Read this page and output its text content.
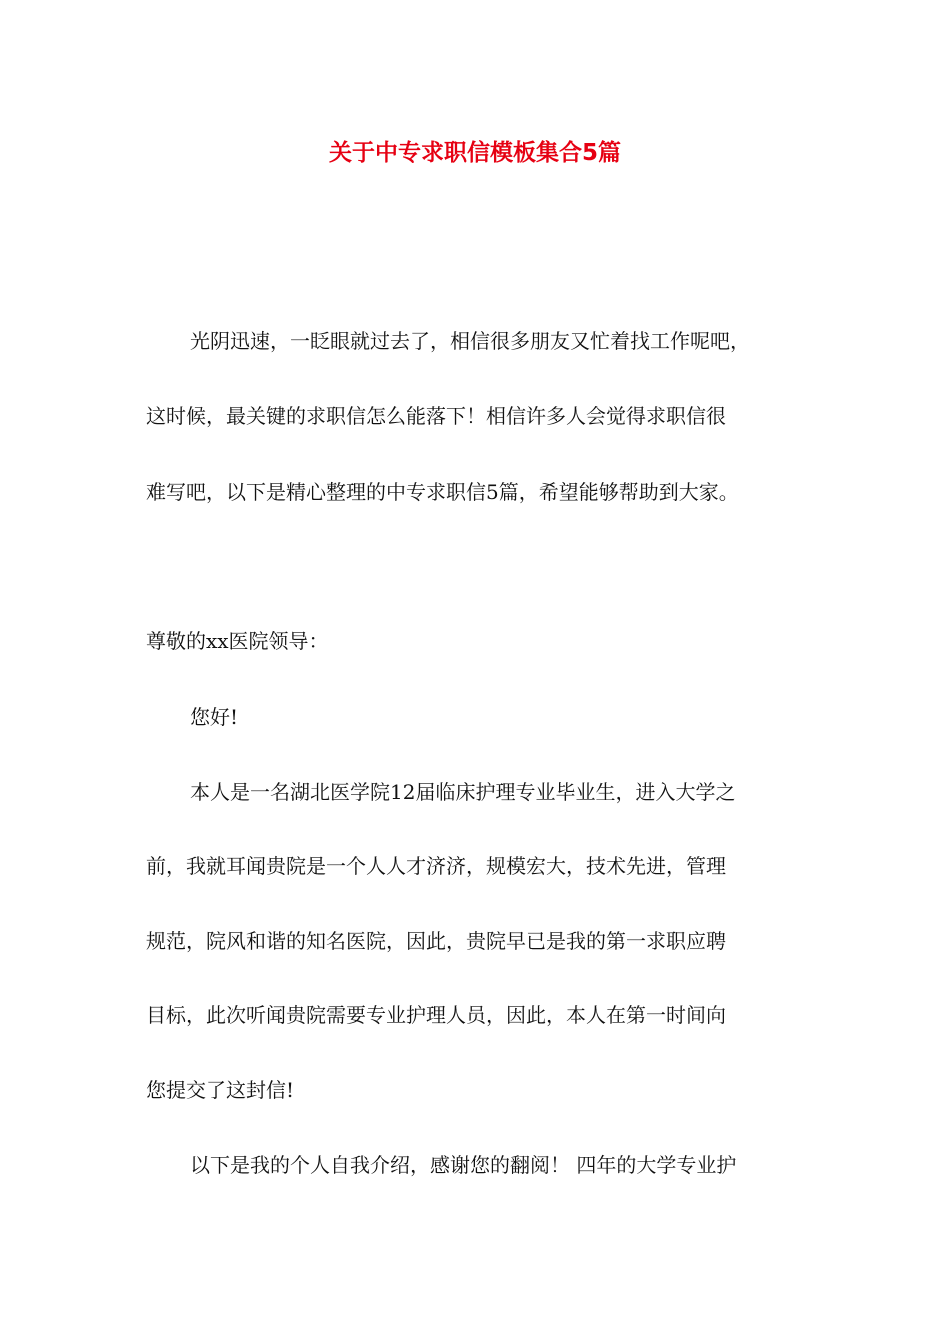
关于中专求职信模板集合5篇

光阴迅速，一眨眼就过去了，相信很多朋友又忙着找工作呢吧，

这时候，最关键的求职信怎么能落下！相信许多人会觉得求职信很

难写吧，以下是精心整理的中专求职信5篇，希望能够帮助到大家。

尊敬的xx医院领导：

您好!

本人是一名湖北医学院12届临床护理专业毕业生，进入大学之

前，我就耳闻贵院是一个人人才济济，规模宏大，技术先进，管理

规范，院风和谐的知名医院，因此，贵院早已是我的第一求职应聘

目标，此次听闻贵院需要专业护理人员，因此，本人在第一时间向

您提交了这封信!

以下是我的个人自我介绍，感谢您的翻阅！ 四年的大学专业护
